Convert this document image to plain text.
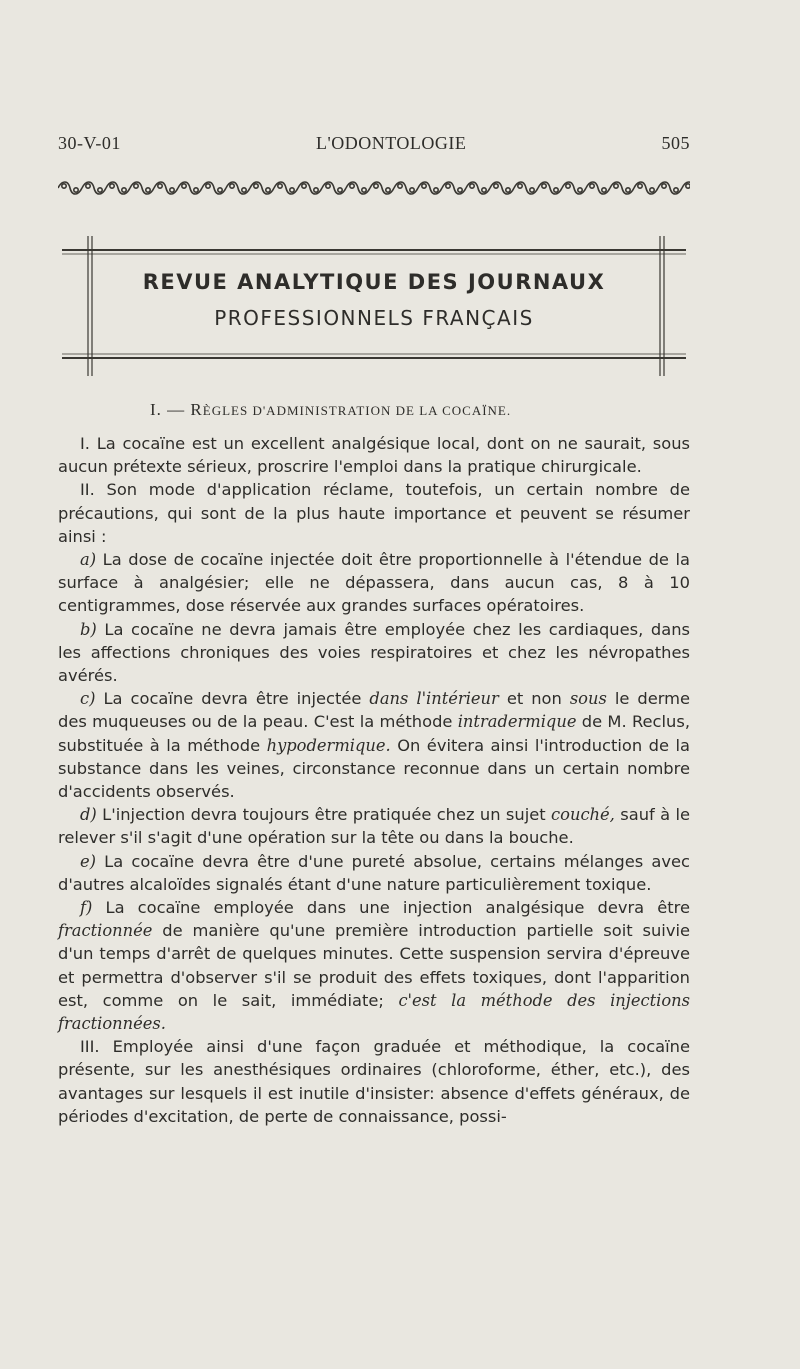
30-V-01	L'ODONTOLOGIE	505
REVUE ANALYTIQUE DES JOURNAUX
PROFESSIONNELS FRANÇAIS
I. — RÈGLES D'ADMINISTRATION DE LA COCAÏNE.

I. La cocaïne est un excellent analgésique local, dont on ne saurait, sous aucun prétexte sérieux, proscrire l'emploi dans la pratique chirurgicale.

II. Son mode d'application réclame, toutefois, un certain nombre de précautions, qui sont de la plus haute importance et peuvent se résumer ainsi :

a) La dose de cocaïne injectée doit être proportionnelle à l'étendue de la surface à analgésier; elle ne dépassera, dans aucun cas, 8 à 10 centigrammes, dose réservée aux grandes surfaces opératoires.

b) La cocaïne ne devra jamais être employée chez les cardiaques, dans les affections chroniques des voies respiratoires et chez les névropathes avérés.

c) La cocaïne devra être injectée dans l'intérieur et non sous le derme des muqueuses ou de la peau. C'est la méthode intradermique de M. Reclus, substituée à la méthode hypodermique. On évitera ainsi l'introduction de la substance dans les veines, circonstance reconnue dans un certain nombre d'accidents observés.

d) L'injection devra toujours être pratiquée chez un sujet couché, sauf à le relever s'il s'agit d'une opération sur la tête ou dans la bouche.

e) La cocaïne devra être d'une pureté absolue, certains mélanges avec d'autres alcaloïdes signalés étant d'une nature particulièrement toxique.

f) La cocaïne employée dans une injection analgésique devra être fractionnée de manière qu'une première introduction partielle soit suivie d'un temps d'arrêt de quelques minutes. Cette suspension servira d'épreuve et permettra d'observer s'il se produit des effets toxiques, dont l'apparition est, comme on le sait, immédiate; c'est la méthode des injections fractionnées.

III. Employée ainsi d'une façon graduée et méthodique, la cocaïne présente, sur les anesthésiques ordinaires (chloroforme, éther, etc.), des avantages sur lesquels il est inutile d'insister: absence d'effets généraux, de périodes d'excitation, de perte de connaissance, possi-
